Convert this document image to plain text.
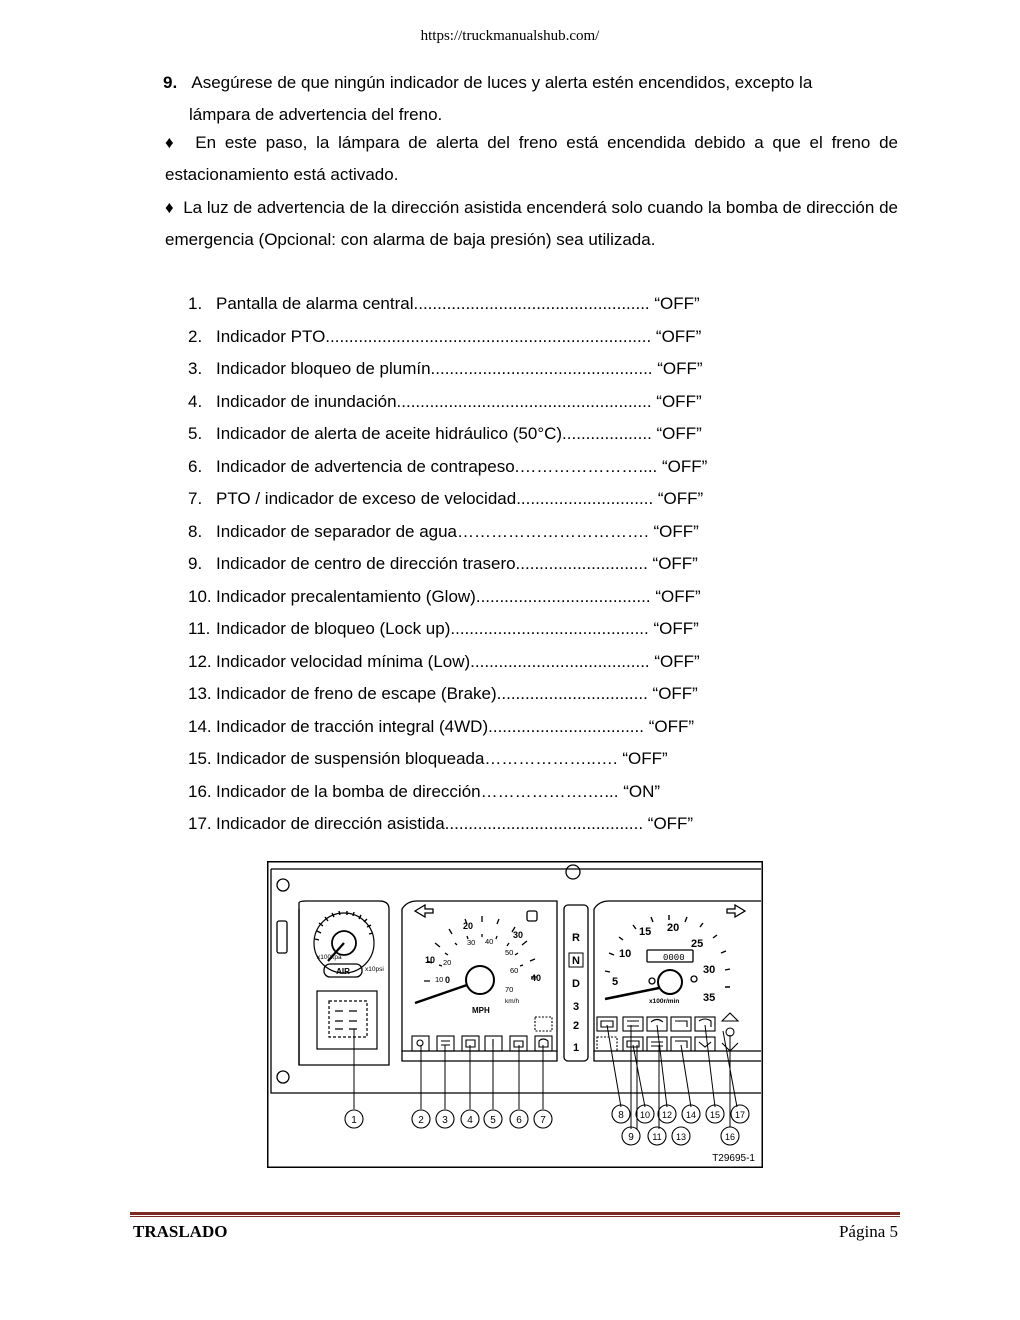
https://truckmanualshub.com/
9. Asegúrese de que ningún indicador de luces y alerta estén encendidos, excepto la
lámpara de advertencia del freno.
♦ En este paso, la lámpara de alerta del freno está encendida debido a que el freno de estacionamiento está activado.
♦ La luz de advertencia de la dirección asistida encenderá solo cuando la bomba de dirección de emergencia (Opcional: con alarma de baja presión) sea utilizada.
1. Pantalla de alarma central.................................................. “OFF”
2. Indicador PTO..................................................................... “OFF”
3. Indicador bloqueo de plumín............................................... “OFF”
4. Indicador de inundación...................................................... “OFF”
5. Indicador de alerta de aceite hidráulico (50°C)................... “OFF”
6. Indicador de advertencia de contrapeso.………………….... “OFF”
7. PTO / indicador de exceso de velocidad............................. “OFF”
8. Indicador de separador de agua……………………………. “OFF”
9. Indicador de centro de dirección trasero............................ “OFF”
10. Indicador precalentamiento (Glow)..................................... “OFF”
11. Indicador de bloqueo (Lock up).......................................... “OFF”
12. Indicador velocidad mínima (Low)...................................... “OFF”
13. Indicador de freno de escape (Brake)................................ “OFF”
14. Indicador de tracción integral (4WD)................................. “OFF”
15. Indicador de suspensión bloqueada………………..…. “OFF”
16. Indicador de la bomba de dirección……………….…... “ON”
17. Indicador de dirección asistida.......................................... “OFF”
x100kpa
AIR x10psi
20
30
10
0	40
10
20
30 40
50
60
70
MPH
km/h
R
N
D
3
2
1
5
10
15 20
25
30
35
0000
x100r/min
1	2 3 4 5 6 7	8
9
10
11
12
13
14 15
16
17
T29695-1
TRASLADO	Página 5
